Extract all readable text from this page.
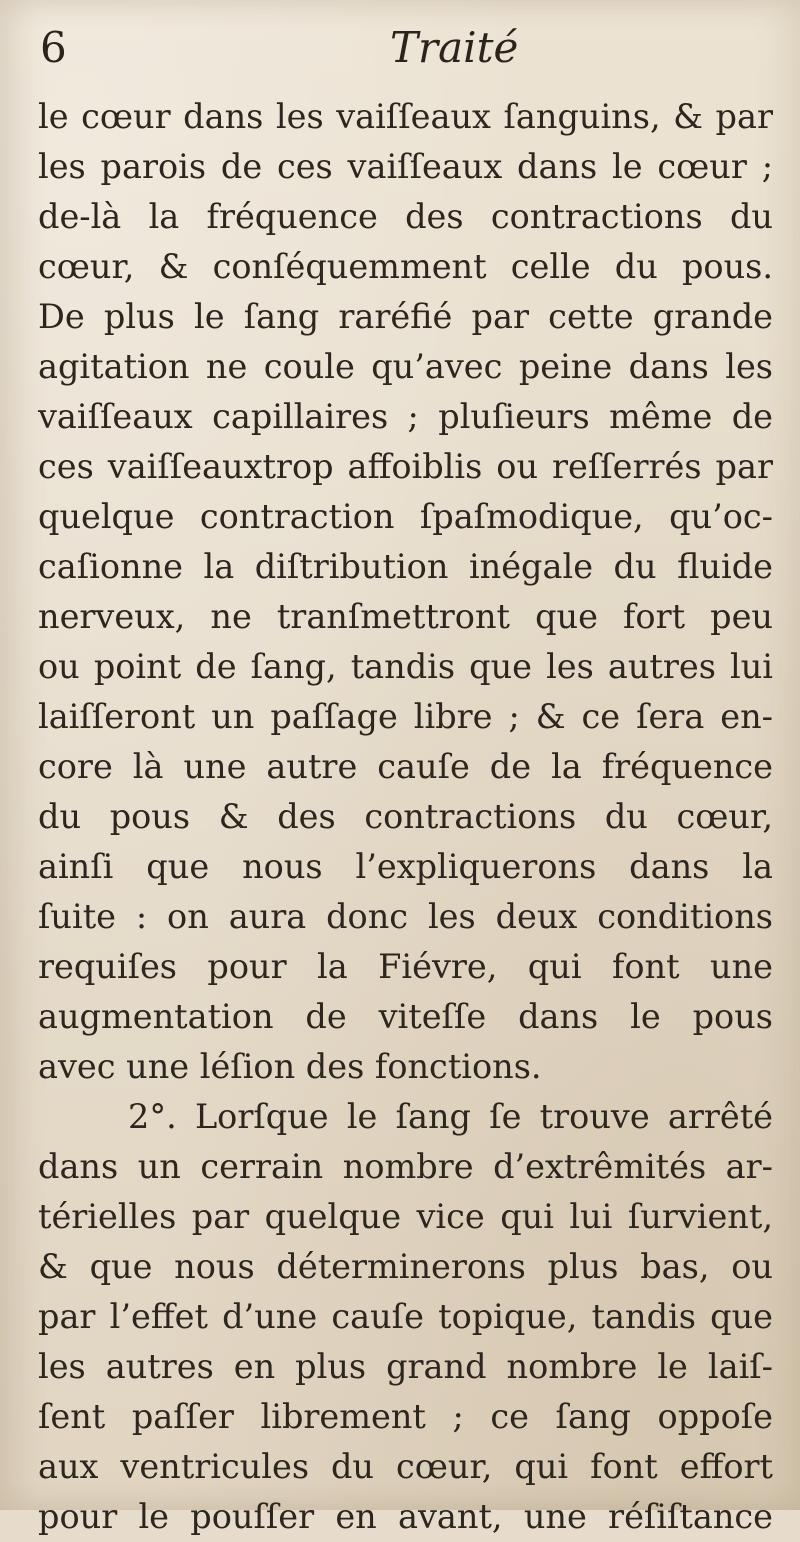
6	Traité
le cœur dans les vaiſſeaux ſanguins, & par
les parois de ces vaiſſeaux dans le cœur ;
de-là la fréquence des contractions du
cœur, & conſéquemment celle du pous.
De plus le ſang raréfié par cette grande
agitation ne coule qu’avec peine dans les
vaiſſeaux capillaires ; pluſieurs même de
ces vaiſſeauxtrop affoiblis ou reſſerrés par
quelque contraction ſpaſmodique, qu’oc-
caſionne la diſtribution inégale du fluide
nerveux, ne tranſmettront que fort peu
ou point de ſang, tandis que les autres lui
laiſſeront un paſſage libre ; & ce ſera en-
core là une autre cauſe de la fréquence
du pous & des contractions du cœur,
ainſi que nous l’expliquerons dans la
ſuite : on aura donc les deux conditions
requiſes pour la Fiévre, qui font une
augmentation de viteſſe dans le pous
avec une léſion des fonctions.
2°. Lorſque le ſang ſe trouve arrêté
dans un cerrain nombre d’extrêmités ar-
térielles par quelque vice qui lui ſurvient,
& que nous déterminerons plus bas, ou
par l’effet d’une cauſe topique, tandis que
les autres en plus grand nombre le laiſ-
ſent paſſer librement ; ce ſang oppoſe
aux ventricules du cœur, qui font effort
pour le pouſſer en avant, une réſiſtance
